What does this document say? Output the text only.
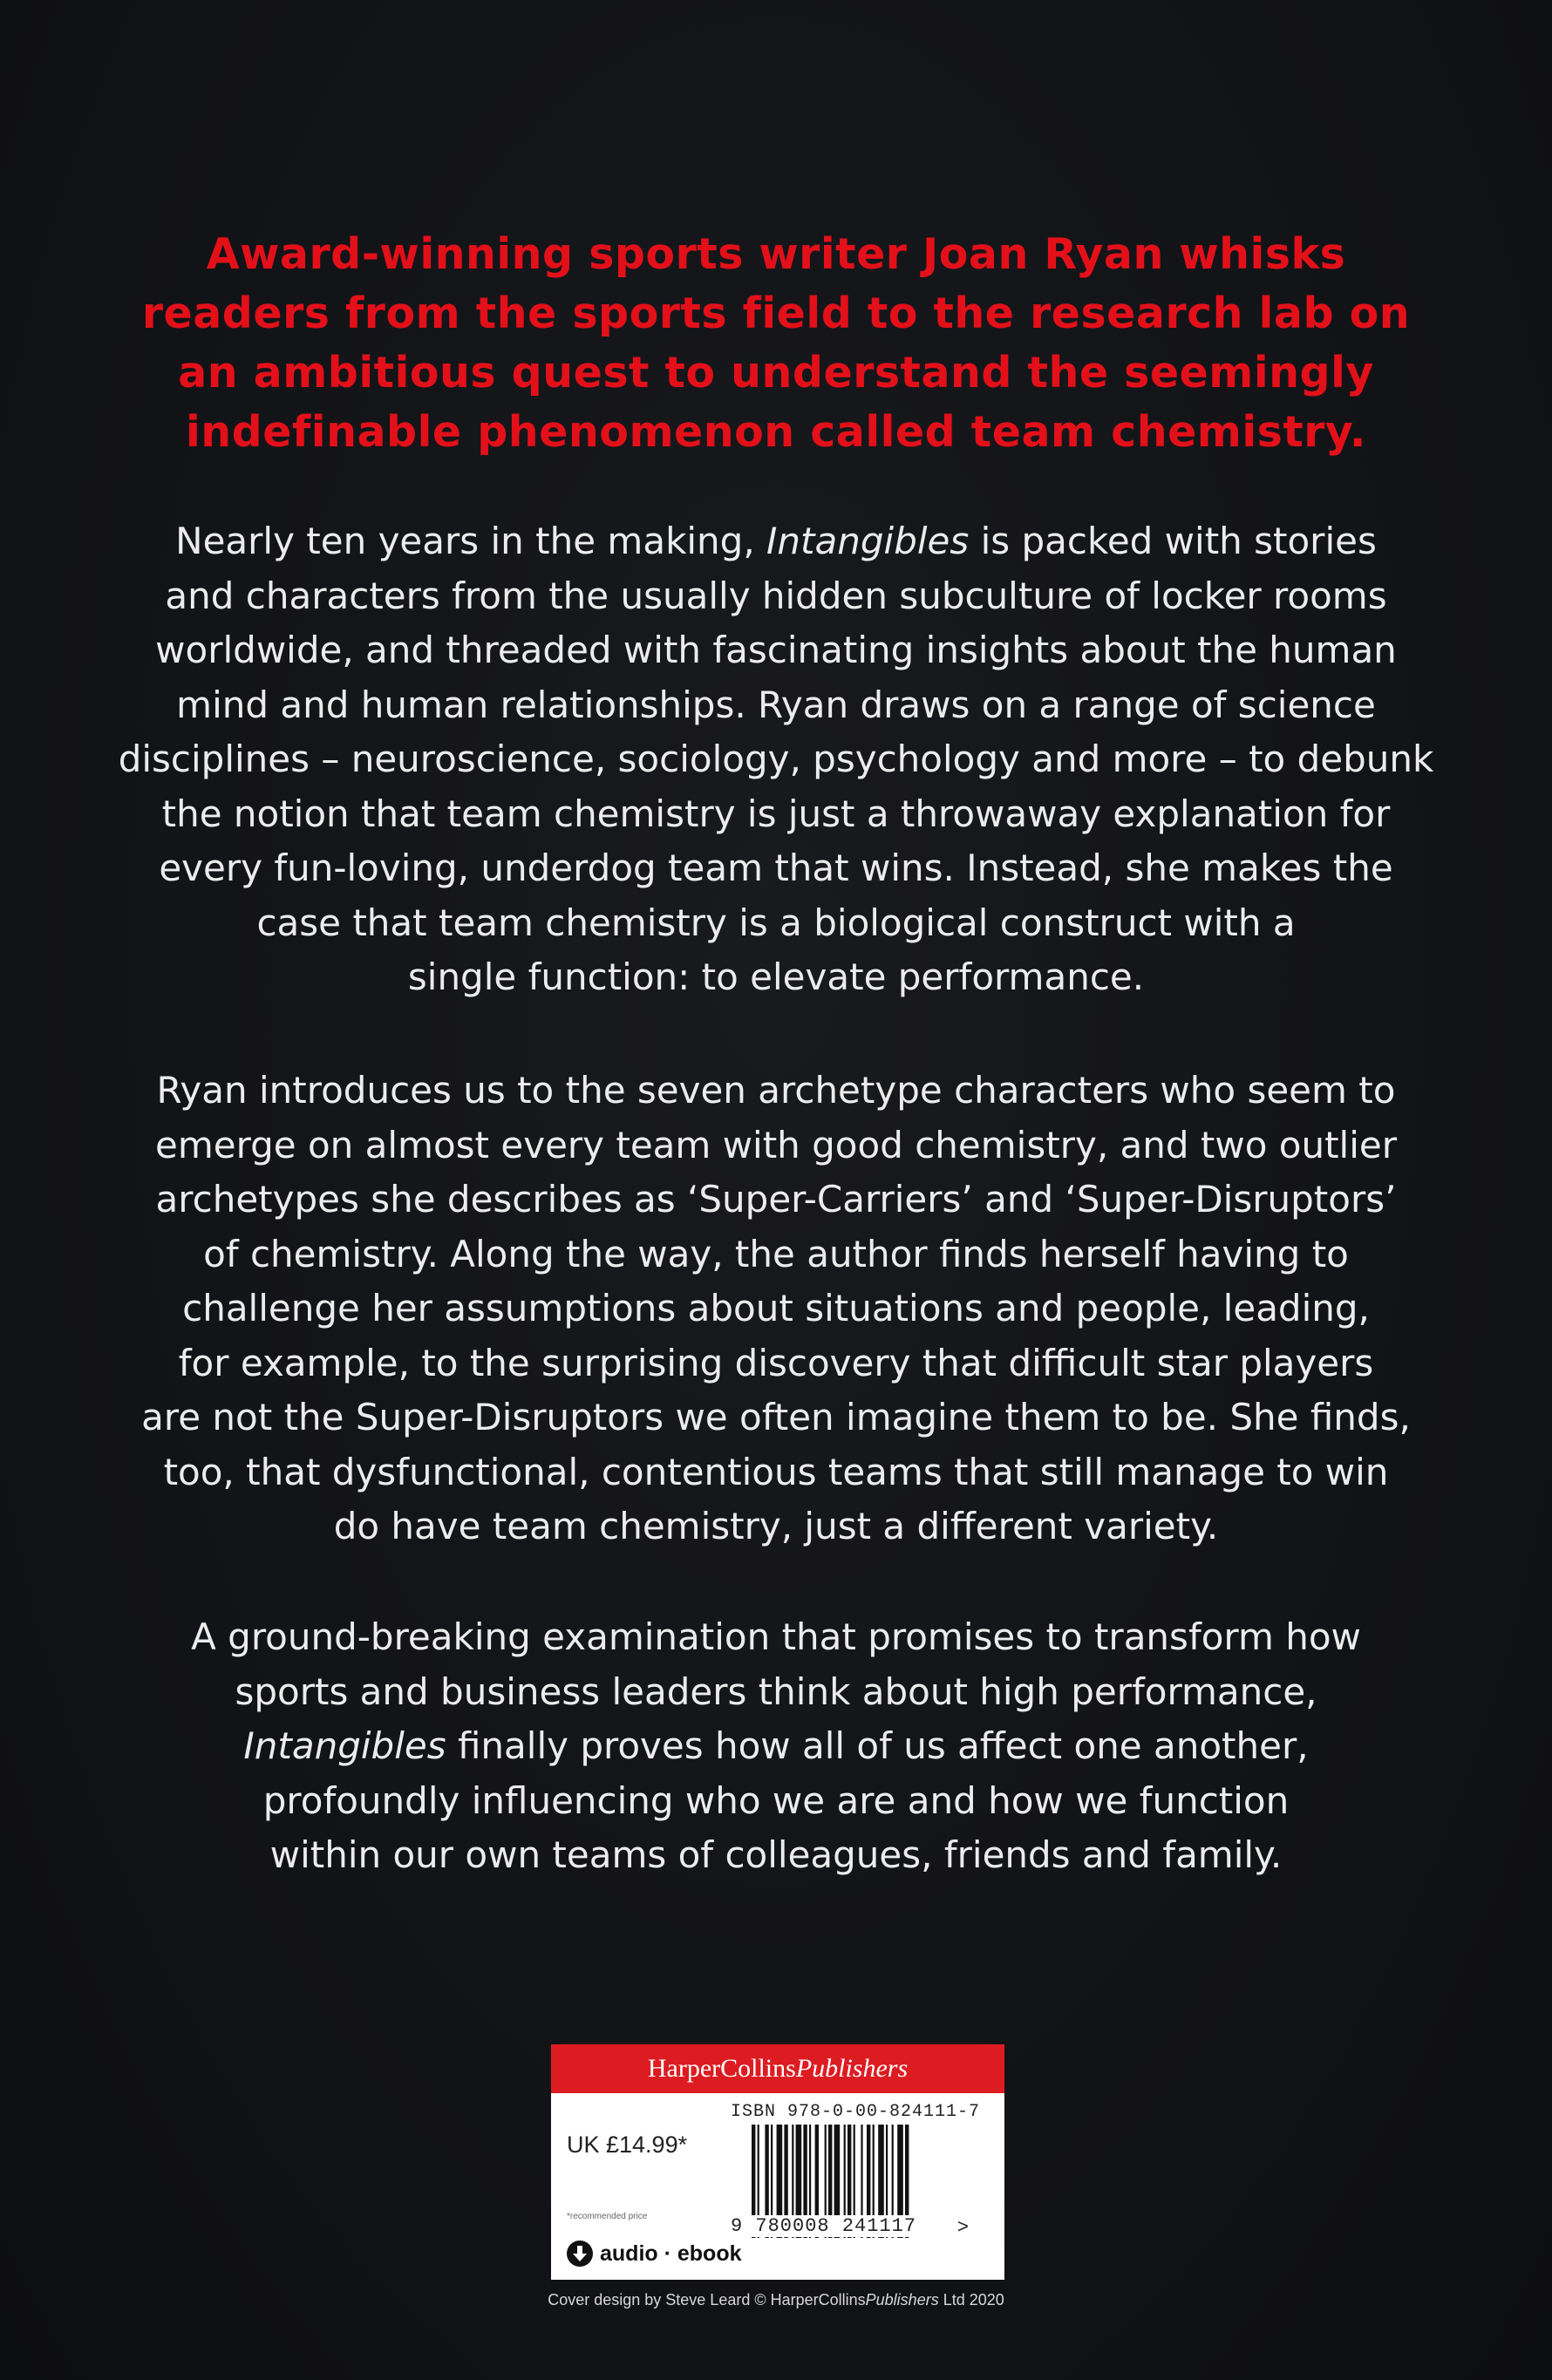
Award-winning sports writer Joan Ryan whisks
readers from the sports field to the research lab on
an ambitious quest to understand the seemingly
indefinable phenomenon called team chemistry.
Nearly ten years in the making, Intangibles is packed with stories
and characters from the usually hidden subculture of locker rooms
worldwide, and threaded with fascinating insights about the human
mind and human relationships. Ryan draws on a range of science
disciplines – neuroscience, sociology, psychology and more – to debunk
the notion that team chemistry is just a throwaway explanation for
every fun-loving, underdog team that wins. Instead, she makes the
case that team chemistry is a biological construct with a
single function: to elevate performance.
Ryan introduces us to the seven archetype characters who seem to
emerge on almost every team with good chemistry, and two outlier
archetypes she describes as ‘Super-Carriers’ and ‘Super-Disruptors’
of chemistry. Along the way, the author finds herself having to
challenge her assumptions about situations and people, leading,
for example, to the surprising discovery that difficult star players
are not the Super-Disruptors we often imagine them to be. She finds,
too, that dysfunctional, contentious teams that still manage to win
do have team chemistry, just a different variety.
A ground-breaking examination that promises to transform how
sports and business leaders think about high performance,
Intangibles finally proves how all of us affect one another,
profoundly influencing who we are and how we function
within our own teams of colleagues, friends and family.
HarperCollinsPublishers
ISBN 978-0-00-824111-7
UK £14.99*
*recommended price	9 780008 241117 >
audio · ebook
Cover design by Steve Leard © HarperCollinsPublishers Ltd 2020
